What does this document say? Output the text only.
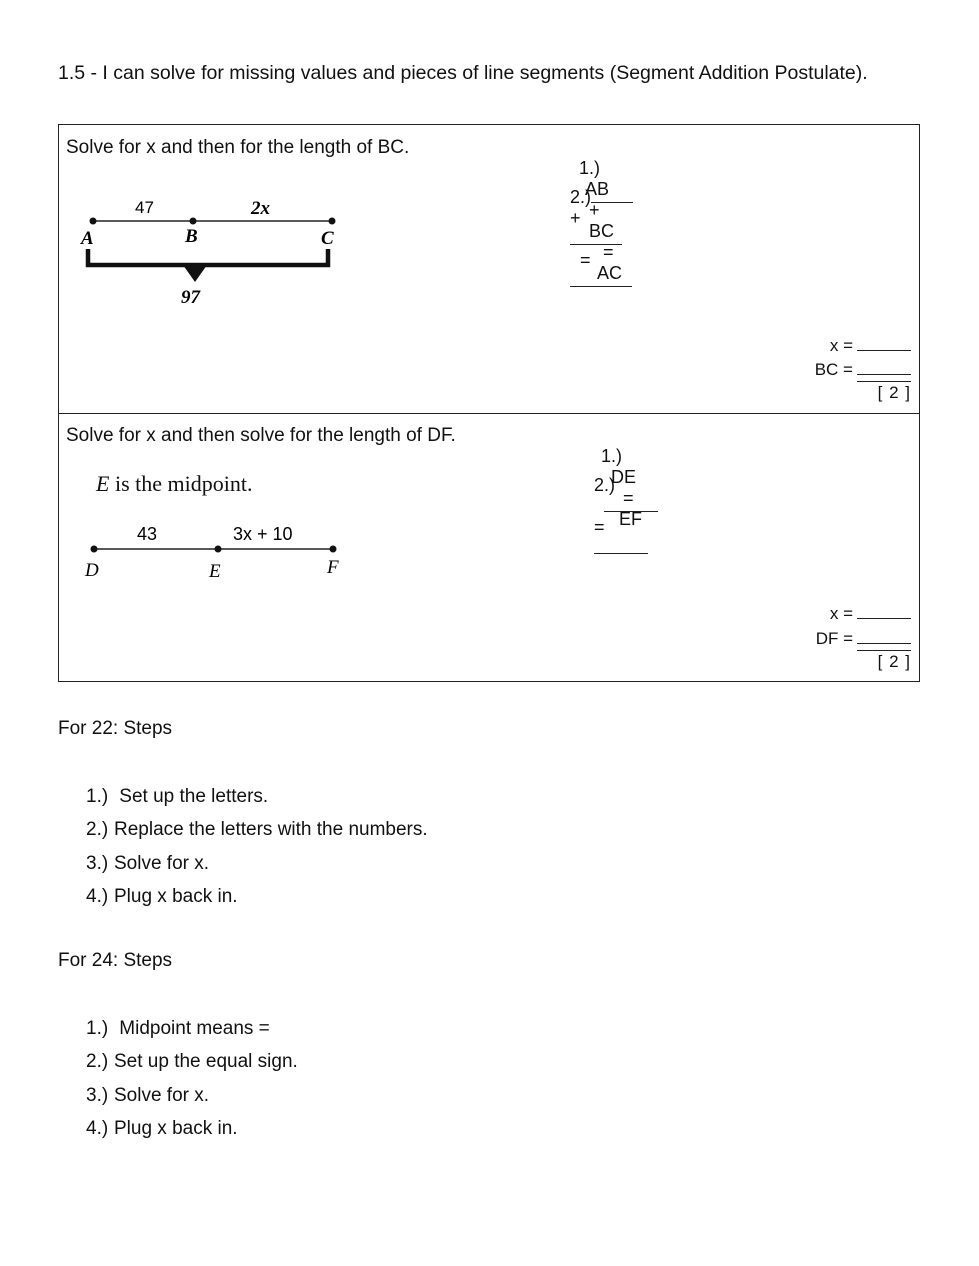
1.5 - I can solve for missing values and pieces of line segments (Segment Addition Postulate).
Solve for x and then for the length of BC.

1.)
AB
+
BC
=
AC

2.)
+

=

47	2x
A	B	C
97
x =
BC =
[ 2 ]
Solve for x and then solve for the length of DF.

1.)
DE
=
EF

2.)

=

E is the midpoint.
43	3x + 10
D	E	F
x =
DF =
[ 2 ]
For 22: Steps
1.) Set up the letters.
2.) Replace the letters with the numbers.
3.) Solve for x.
4.) Plug x back in.
For 24: Steps
1.) Midpoint means =
2.) Set up the equal sign.
3.) Solve for x.
4.) Plug x back in.
